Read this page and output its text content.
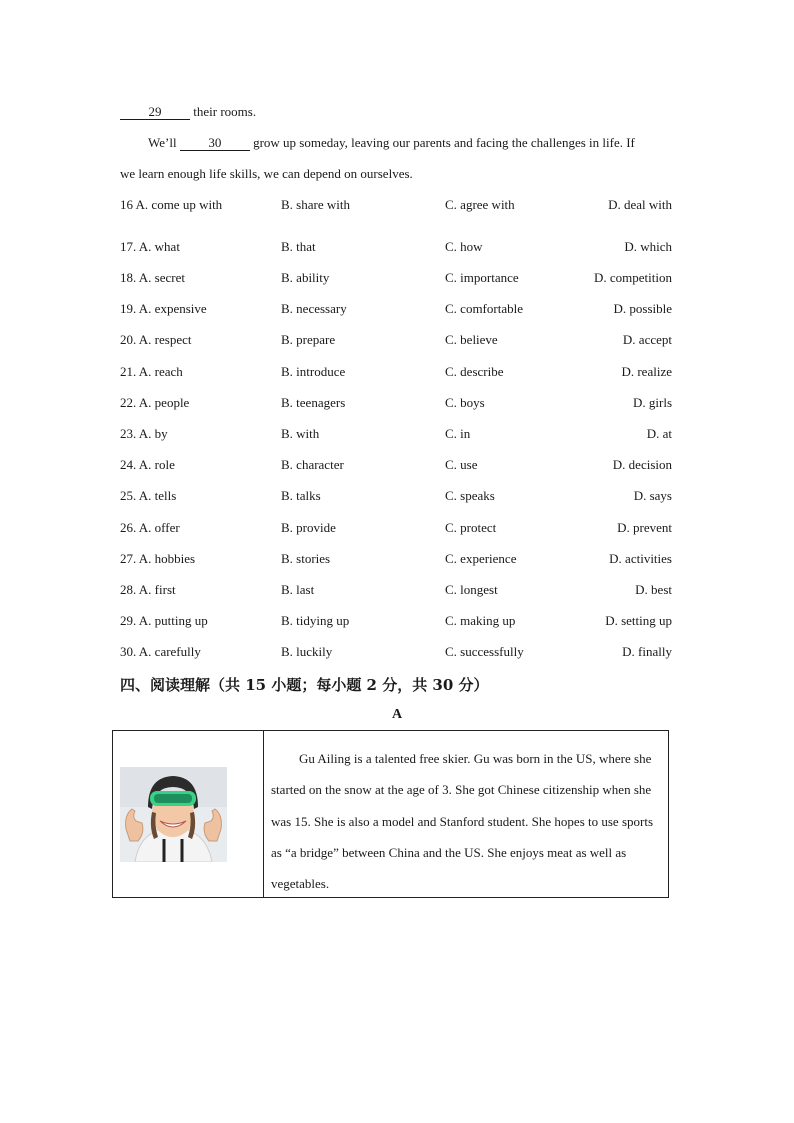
29 their rooms.
We’ll 30 grow up someday, leaving our parents and facing the challenges in life. If
we learn enough life skills, we can depend on ourselves.
16 A. come up with	B. share with	C. agree with	D. deal with
17. A. what	B. that	C. how	D. which
18. A. secret	B. ability	C. importance	D. competition
19. A. expensive	B. necessary	C. comfortable	D. possible
20. A. respect	B. prepare	C. believe	D. accept
21. A. reach	B. introduce	C. describe	D. realize
22. A. people	B. teenagers	C. boys	D. girls
23. A. by	B. with	C. in	D. at
24. A. role	B. character	C. use	D. decision
25. A. tells	B. talks	C. speaks	D. says
26. A. offer	B. provide	C. protect	D. prevent
27. A. hobbies	B. stories	C. experience	D. activities
28. A. first	B. last	C. longest	D. best
29. A. putting up	B. tidying up	C. making up	D. setting up
30. A. carefully	B. luckily	C. successfully	D. finally
四、阅读理解（共 15 小题；每小题 2 分，共 30 分）
A
Gu Ailing is a talented free skier. Gu was born in the US, where she started on the snow at the age of 3. She got Chinese citizenship when she was 15. She is also a model and Stanford student. She hopes to use sports as “a bridge” between China and the US. She enjoys meat as well as vegetables.
